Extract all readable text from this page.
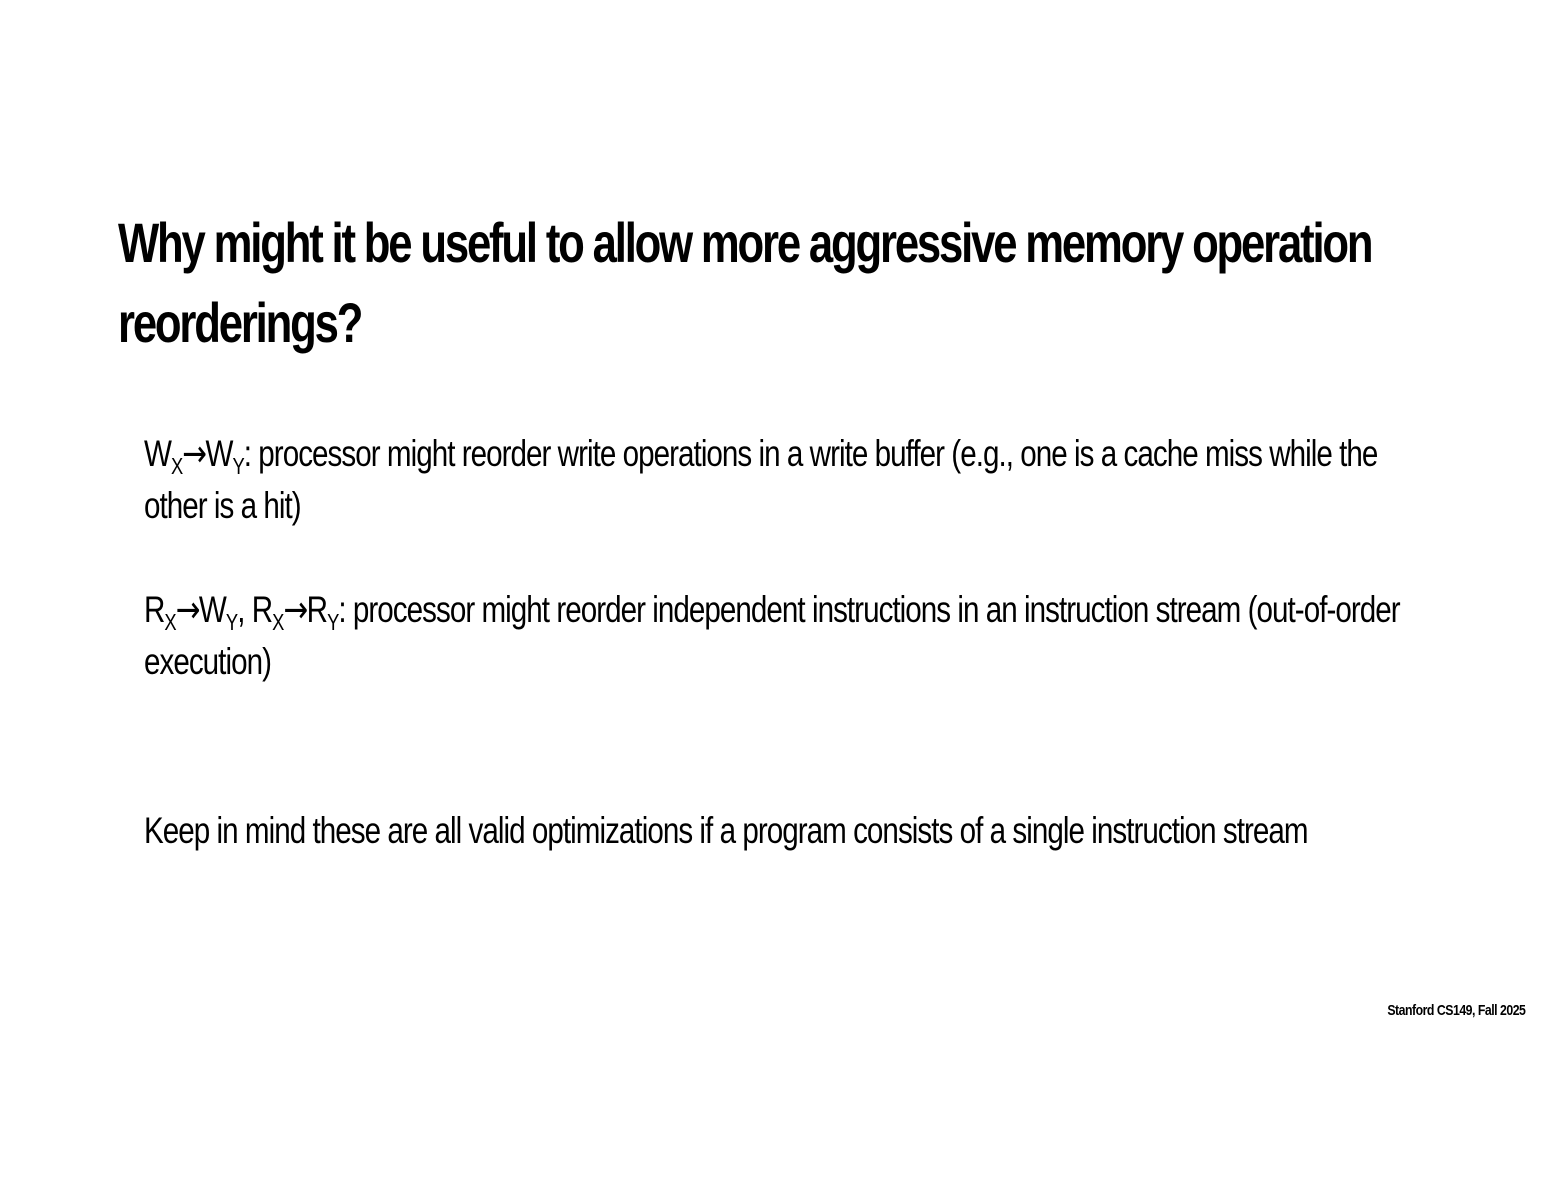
Why might it be useful to allow more aggressive memory operation reorderings?

$W_X\to W_Y$: processor might reorder write operations in a write buffer (e.g., one is a cache miss while the other is a hit)

$R_X\to W_Y$, $R_X\to R_Y$: processor might reorder independent instructions in an instruction stream (out-of-order execution)

Keep in mind these are all valid optimizations if a program consists of a single instruction stream

Stanford CS149, Fall 2025
